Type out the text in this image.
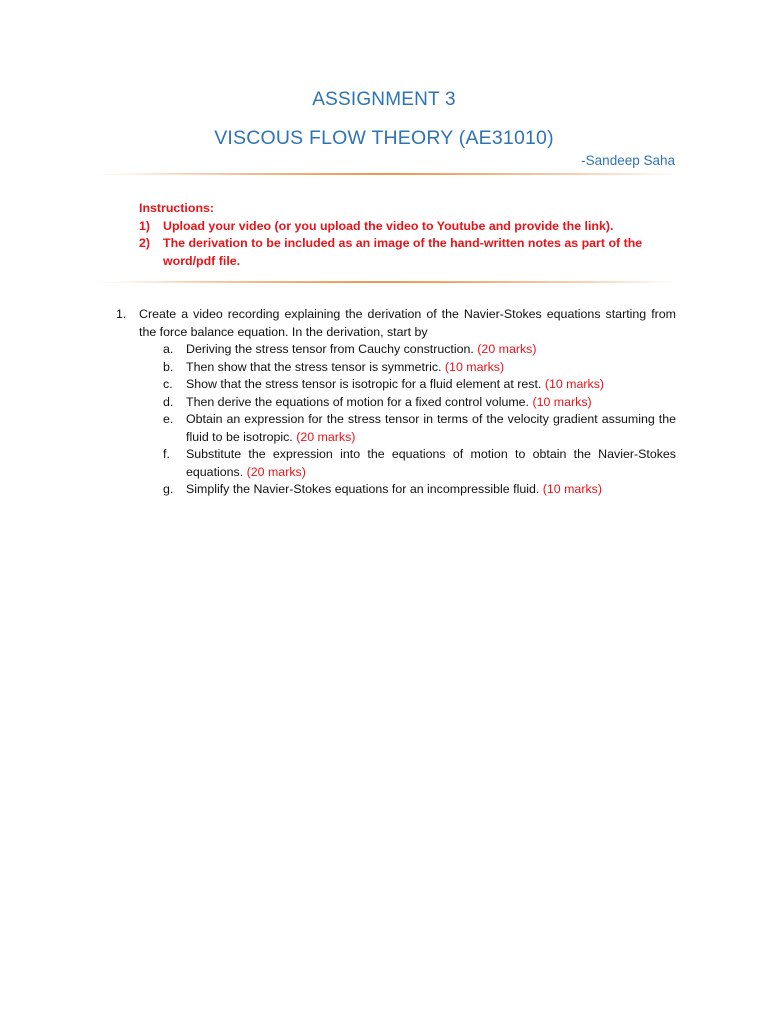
ASSIGNMENT 3
VISCOUS FLOW THEORY (AE31010)
-Sandeep Saha
Instructions:
1)	Upload your video (or you upload the video to Youtube and provide the link).
2)	The derivation to be included as an image of the hand-written notes as part of the word/pdf file.
1.	Create a video recording explaining the derivation of the Navier-Stokes equations starting from the force balance equation. In the derivation, start by
a.	Deriving the stress tensor from Cauchy construction. (20 marks)
b.	Then show that the stress tensor is symmetric. (10 marks)
c.	Show that the stress tensor is isotropic for a fluid element at rest. (10 marks)
d.	Then derive the equations of motion for a fixed control volume. (10 marks)
e.	Obtain an expression for the stress tensor in terms of the velocity gradient assuming the fluid to be isotropic. (20 marks)
f.	Substitute the expression into the equations of motion to obtain the Navier-Stokes equations. (20 marks)
g.	Simplify the Navier-Stokes equations for an incompressible fluid. (10 marks)
